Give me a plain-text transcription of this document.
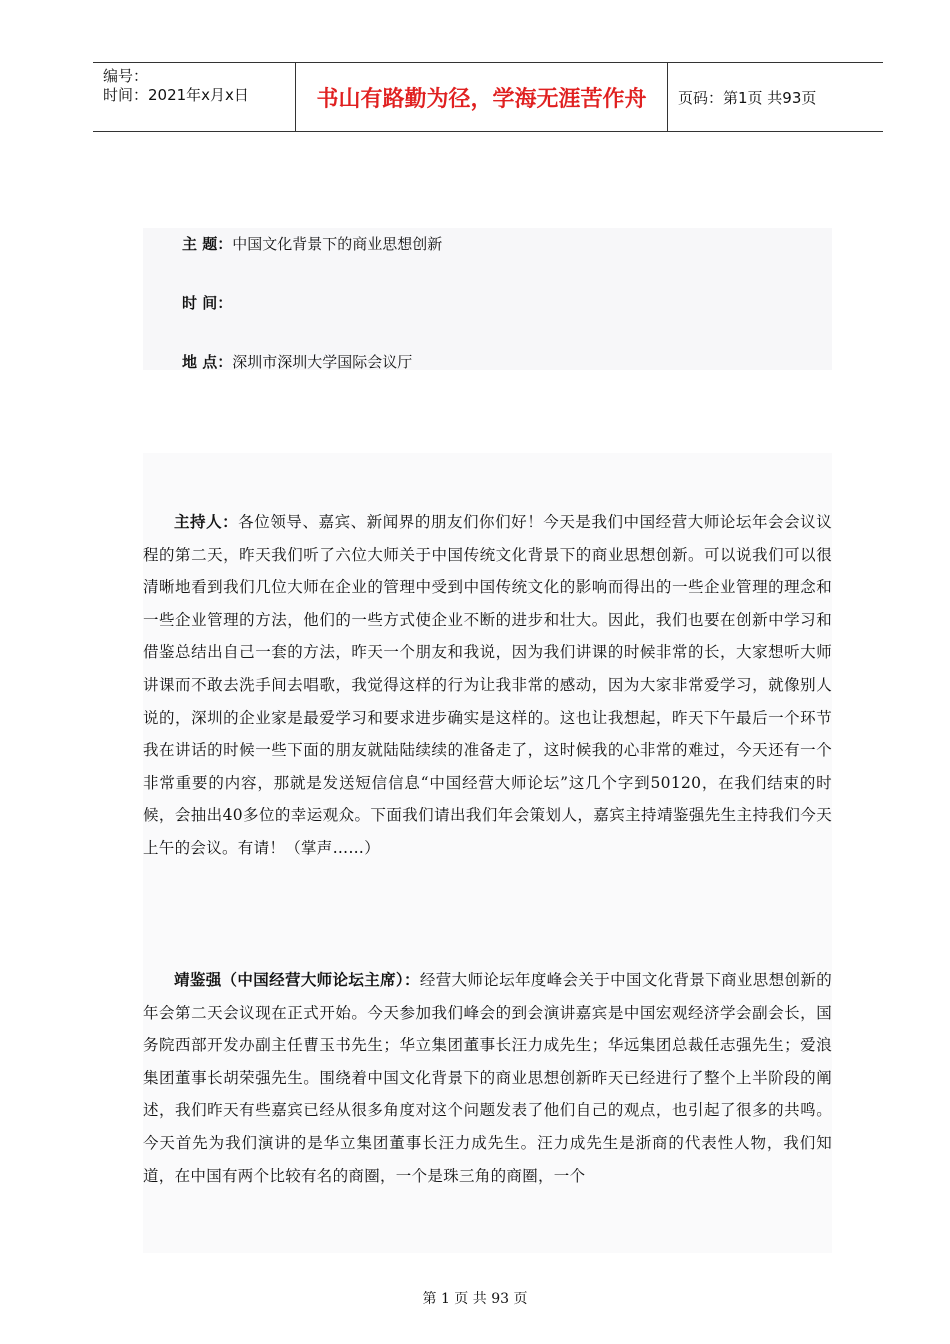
编号：
时间：2021年x月x日	书山有路勤为径，学海无涯苦作舟	页码：第1页 共93页
主 题：中国文化背景下的商业思想创新
时 间：
地 点：深圳市深圳大学国际会议厅
主持人：各位领导、嘉宾、新闻界的朋友们你们好！今天是我们中国经营大师论坛年会会议议程的第二天，昨天我们听了六位大师关于中国传统文化背景下的商业思想创新。可以说我们可以很清晰地看到我们几位大师在企业的管理中受到中国传统文化的影响而得出的一些企业管理的理念和一些企业管理的方法，他们的一些方式使企业不断的进步和壮大。因此，我们也要在创新中学习和借鉴总结出自己一套的方法，昨天一个朋友和我说，因为我们讲课的时候非常的长，大家想听大师讲课而不敢去洗手间去唱歌，我觉得这样的行为让我非常的感动，因为大家非常爱学习，就像别人说的，深圳的企业家是最爱学习和要求进步确实是这样的。这也让我想起，昨天下午最后一个环节我在讲话的时候一些下面的朋友就陆陆续续的准备走了，这时候我的心非常的难过，今天还有一个非常重要的内容，那就是发送短信信息“中国经营大师论坛”这几个字到50120，在我们结束的时候，会抽出40多位的幸运观众。下面我们请出我们年会策划人，嘉宾主持靖鉴强先生主持我们今天上午的会议。有请！（掌声……）
靖鉴强（中国经营大师论坛主席）：经营大师论坛年度峰会关于中国文化背景下商业思想创新的年会第二天会议现在正式开始。今天参加我们峰会的到会演讲嘉宾是中国宏观经济学会副会长，国务院西部开发办副主任曹玉书先生；华立集团董事长汪力成先生；华远集团总裁任志强先生；爱浪集团董事长胡荣强先生。围绕着中国文化背景下的商业思想创新昨天已经进行了整个上半阶段的阐述，我们昨天有些嘉宾已经从很多角度对这个问题发表了他们自己的观点，也引起了很多的共鸣。今天首先为我们演讲的是华立集团董事长汪力成先生。汪力成先生是浙商的代表性人物，我们知道，在中国有两个比较有名的商圈，一个是珠三角的商圈，一个
第 1 页 共 93 页
